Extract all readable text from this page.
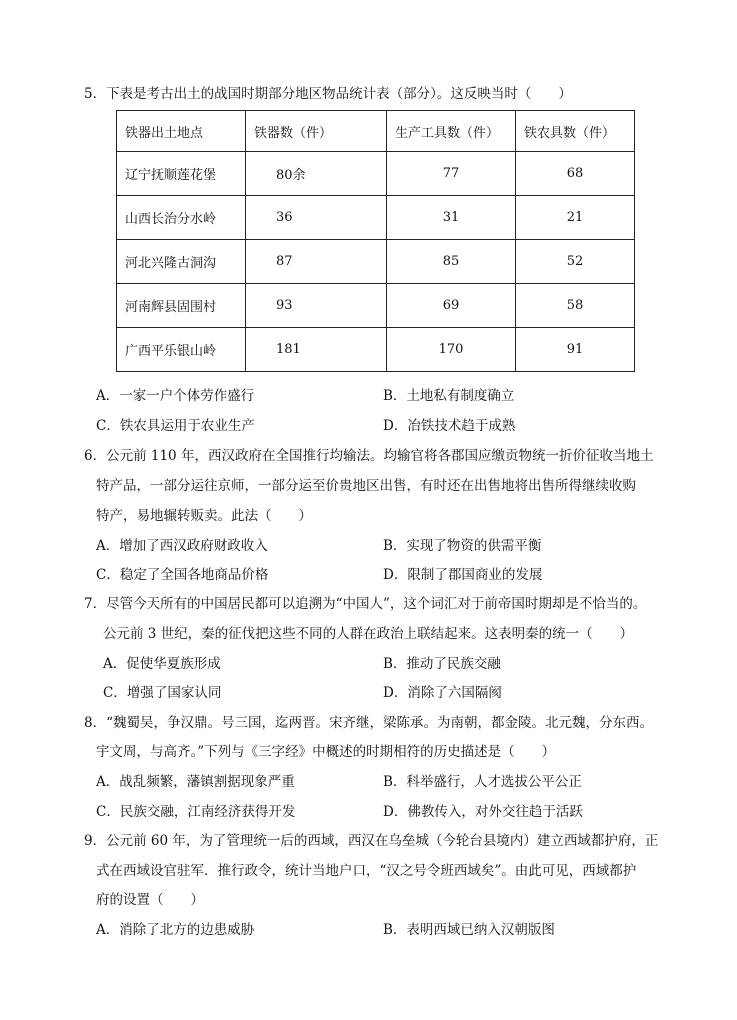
5．下表是考古出土的战国时期部分地区物品统计表（部分）。这反映当时（　　）
铁器出土地点	铁器数（件）	生产工具数（件）	铁农具数（件）
辽宁抚顺莲花堡	80余	77	68
山西长治分水岭	36	31	21
河北兴隆古洞沟	87	85	52
河南辉县固围村	93	69	58
广西平乐银山岭	181	170	91
A．一家一户个体劳作盛行	B．土地私有制度确立
C．铁农具运用于农业生产	D．冶铁技术趋于成熟
6．公元前 110 年，西汉政府在全国推行均输法。均输官将各郡国应缴贡物统一折价征收当地土
特产品，一部分运往京师，一部分运至价贵地区出售，有时还在出售地将出售所得继续收购
特产，易地辗转贩卖。此法（　　）
A．增加了西汉政府财政收入	B．实现了物资的供需平衡
C．稳定了全国各地商品价格	D．限制了郡国商业的发展
7．尽管今天所有的中国居民都可以追溯为“中国人”，这个词汇对于前帝国时期却是不恰当的。
公元前 3 世纪，秦的征伐把这些不同的人群在政治上联结起来。这表明秦的统一（　　）
A．促使华夏族形成	B．推动了民族交融
C．增强了国家认同	D．消除了六国隔阂
8．“魏蜀吴，争汉鼎。号三国，迄两晋。宋齐继，梁陈承。为南朝，都金陵。北元魏，分东西。
宇文周，与高齐。”下列与《三字经》中概述的时期相符的历史描述是（　　）
A．战乱频繁，藩镇割据现象严重	B．科举盛行，人才选拔公平公正
C．民族交融，江南经济获得开发	D．佛教传入，对外交往趋于活跃
9．公元前 60 年，为了管理统一后的西域，西汉在乌垒城（今轮台县境内）建立西域都护府，正
式在西域设官驻军．推行政令，统计当地户口，“汉之号令班西域矣”。由此可见，西域都护
府的设置（　　）
A．消除了北方的边患威胁	B．表明西域已纳入汉朝版图
